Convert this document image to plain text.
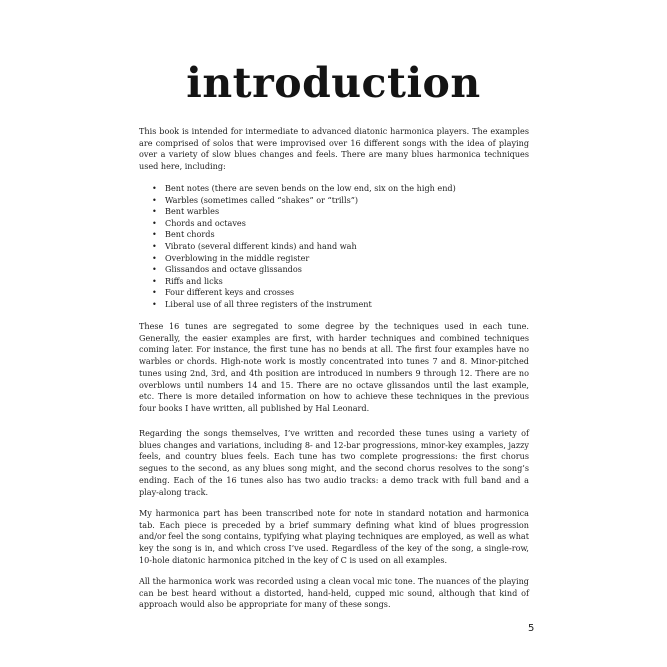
introduction

This book is intended for intermediate to advanced diatonic harmonica players. The examples are comprised of solos that were improvised over 16 different songs with the idea of playing over a variety of slow blues changes and feels. There are many blues harmonica techniques used here, including:

• Bent notes (there are seven bends on the low end, six on the high end)
• Warbles (sometimes called “shakes” or “trills”)
• Bent warbles
• Chords and octaves
• Bent chords
• Vibrato (several different kinds) and hand wah
• Overblowing in the middle register
• Glissandos and octave glissandos
• Riffs and licks
• Four different keys and crosses
• Liberal use of all three registers of the instrument

These 16 tunes are segregated to some degree by the techniques used in each tune. Generally, the easier examples are first, with harder techniques and combined techniques coming later. For instance, the first tune has no bends at all. The first four examples have no warbles or chords. High-note work is mostly concentrated into tunes 7 and 8. Minor-pitched tunes using 2nd, 3rd, and 4th position are introduced in numbers 9 through 12. There are no overblows until numbers 14 and 15. There are no octave glissandos until the last example, etc. There is more detailed information on how to achieve these techniques in the previous four books I have written, all published by Hal Leonard.

Regarding the songs themselves, I’ve written and recorded these tunes using a variety of blues changes and variations, including 8- and 12-bar progressions, minor-key examples, jazzy feels, and country blues feels. Each tune has two complete progressions: the first chorus segues to the second, as any blues song might, and the second chorus resolves to the song’s ending. Each of the 16 tunes also has two audio tracks: a demo track with full band and a play-along track.

My harmonica part has been transcribed note for note in standard notation and harmonica tab. Each piece is preceded by a brief summary defining what kind of blues progression and/or feel the song contains, typifying what playing techniques are employed, as well as what key the song is in, and which cross I’ve used. Regardless of the key of the song, a single-row, 10-hole diatonic harmonica pitched in the key of C is used on all examples.

All the harmonica work was recorded using a clean vocal mic tone. The nuances of the playing can be best heard without a distorted, hand-held, cupped mic sound, although that kind of approach would also be appropriate for many of these songs.

5
